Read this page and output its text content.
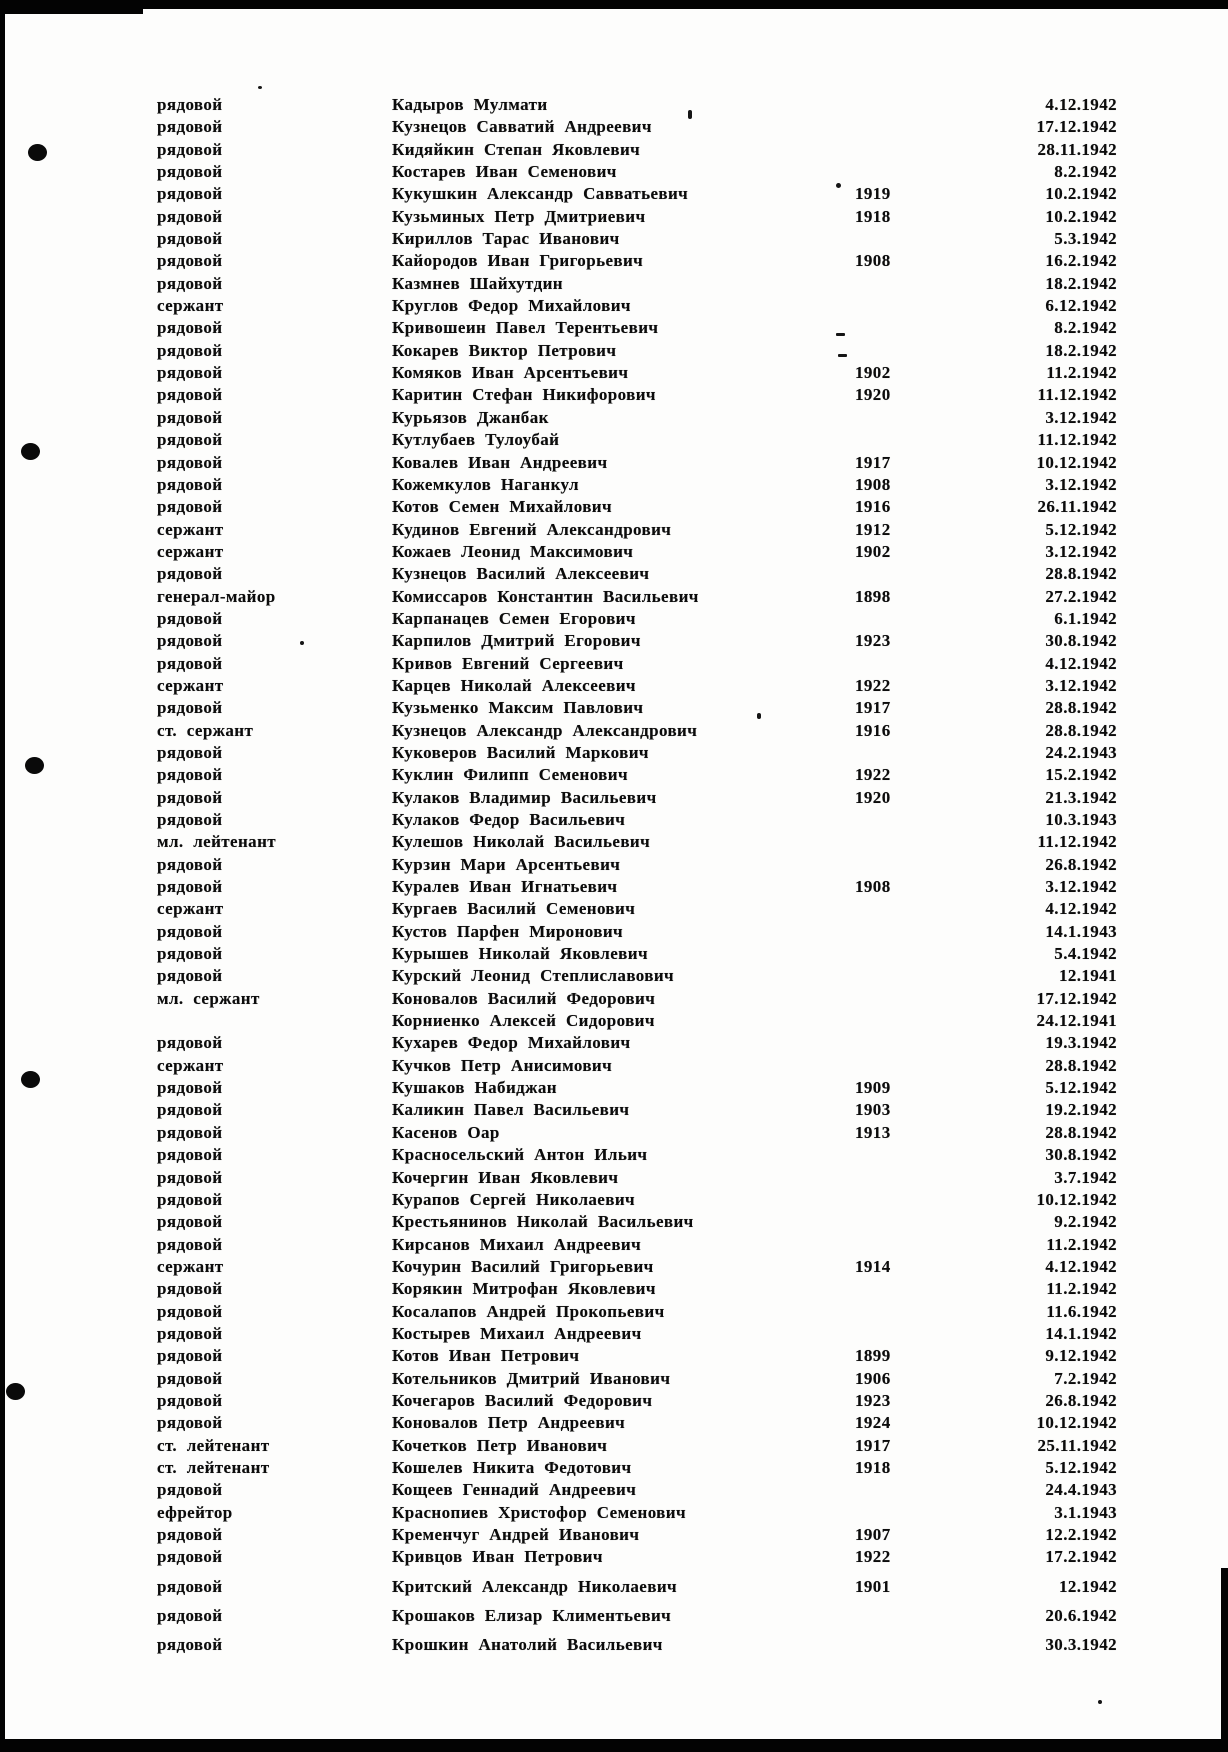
рядовой	Кадыров Мулмати	4.12.1942
рядовой	Кузнецов Савватий Андреевич	17.12.1942
рядовой	Кидяйкин Степан Яковлевич	28.11.1942
рядовой	Костарев Иван Семенович	8.2.1942
рядовой	Кукушкин Александр Савватьевич	1919	10.2.1942
рядовой	Кузьминых Петр Дмитриевич	1918	10.2.1942
рядовой	Кириллов Тарас Иванович	5.3.1942
рядовой	Кайородов Иван Григорьевич	1908	16.2.1942
рядовой	Казмнев Шайхутдин	18.2.1942
сержант	Круглов Федор Михайлович	6.12.1942
рядовой	Кривошеин Павел Терентьевич	8.2.1942
рядовой	Кокарев Виктор Петрович	18.2.1942
рядовой	Комяков Иван Арсентьевич	1902	11.2.1942
рядовой	Каритин Стефан Никифорович	1920	11.12.1942
рядовой	Курьязов Джанбак	3.12.1942
рядовой	Кутлубаев Тулоубай	11.12.1942
рядовой	Ковалев Иван Андреевич	1917	10.12.1942
рядовой	Кожемкулов Наганкул	1908	3.12.1942
рядовой	Котов Семен Михайлович	1916	26.11.1942
сержант	Кудинов Евгений Александрович	1912	5.12.1942
сержант	Кожаев Леонид Максимович	1902	3.12.1942
рядовой	Кузнецов Василий Алексеевич	28.8.1942
генерал-майор	Комиссаров Константин Васильевич	1898	27.2.1942
рядовой	Карпанацев Семен Егорович	6.1.1942
рядовой	Карпилов Дмитрий Егорович	1923	30.8.1942
рядовой	Кривов Евгений Сергеевич	4.12.1942
сержант	Карцев Николай Алексеевич	1922	3.12.1942
рядовой	Кузьменко Максим Павлович	1917	28.8.1942
ст. сержант	Кузнецов Александр Александрович	1916	28.8.1942
рядовой	Куковеров Василий Маркович	24.2.1943
рядовой	Куклин Филипп Семенович	1922	15.2.1942
рядовой	Кулаков Владимир Васильевич	1920	21.3.1942
рядовой	Кулаков Федор Васильевич	10.3.1943
мл. лейтенант	Кулешов Николай Васильевич	11.12.1942
рядовой	Курзин Мари Арсентьевич	26.8.1942
рядовой	Куралев Иван Игнатьевич	1908	3.12.1942
сержант	Кургаев Василий Семенович	4.12.1942
рядовой	Кустов Парфен Миронович	14.1.1943
рядовой	Курышев Николай Яковлевич	5.4.1942
рядовой	Курский Леонид Степлиславович	12.1941
мл. сержант	Коновалов Василий Федорович	17.12.1942
Корниенко Алексей Сидорович	24.12.1941
рядовой	Кухарев Федор Михайлович	19.3.1942
сержант	Кучков Петр Анисимович	28.8.1942
рядовой	Кушаков Набиджан	1909	5.12.1942
рядовой	Каликин Павел Васильевич	1903	19.2.1942
рядовой	Касенов Оар	1913	28.8.1942
рядовой	Красносельский Антон Ильич	30.8.1942
рядовой	Кочергин Иван Яковлевич	3.7.1942
рядовой	Курапов Сергей Николаевич	10.12.1942
рядовой	Крестьянинов Николай Васильевич	9.2.1942
рядовой	Кирсанов Михаил Андреевич	11.2.1942
сержант	Кочурин Василий Григорьевич	1914	4.12.1942
рядовой	Корякин Митрофан Яковлевич	11.2.1942
рядовой	Косалапов Андрей Прокопьевич	11.6.1942
рядовой	Костырев Михаил Андреевич	14.1.1942
рядовой	Котов Иван Петрович	1899	9.12.1942
рядовой	Котельников Дмитрий Иванович	1906	7.2.1942
рядовой	Кочегаров Василий Федорович	1923	26.8.1942
рядовой	Коновалов Петр Андреевич	1924	10.12.1942
ст. лейтенант	Кочетков Петр Иванович	1917	25.11.1942
ст. лейтенант	Кошелев Никита Федотович	1918	5.12.1942
рядовой	Кощеев Геннадий Андреевич	24.4.1943
ефрейтор	Краснопиев Христофор Семенович	3.1.1943
рядовой	Кременчуг Андрей Иванович	1907	12.2.1942
рядовой	Кривцов Иван Петрович	1922	17.2.1942
рядовой	Критский Александр Николаевич	1901	12.1942
рядовой	Крошаков Елизар Климентьевич	20.6.1942
рядовой	Крошкин Анатолий Васильевич	30.3.1942
